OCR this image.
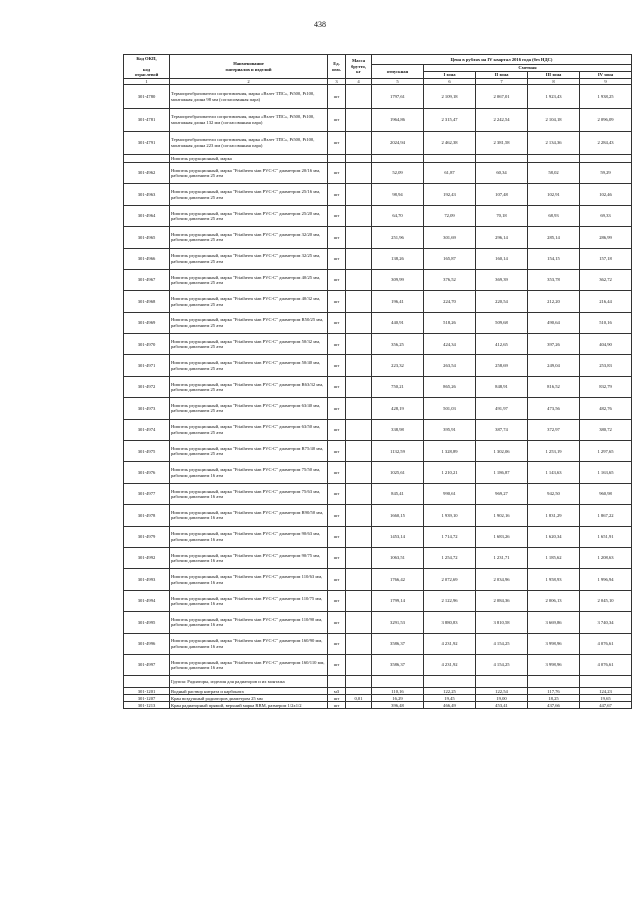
438
Код ОКП,

код
отраслевой	Наименование
материалов и изделий	Ед.
изм.	Масса
брутто,
кг	Цена в рублях на IV квартал 2016 года (без НДС)				
				отпускная	Сметная			
					I зона	II зона	III зона	IV зона
1	2	3	4	5	6	7	8	9
301-4780	Термопреобразователи сопротивления, марка «Взлет ТПС», Pt500, Pt100, монтажная длина 98 мм (согласованная пара)	шт		1797,61	2 109,18	2 067,01	1 923,43	1 938,25
301-4781	Термопреобразователи сопротивления, марка «Взлет ТПС», Pt500, Pt100, монтажная длина 132 мм (согласованная пара)	шт		1964,86	2 315,47	2 242,54	2 104,18	2 096,09
301-4791	Термопреобразователи сопротивления, марка «Взлет ТПС», Pt500, Pt100, монтажная длина 223 мм (согласованная пара)	шт		2024,94	2 462,38	2 381,58	2 134,36	2 284,43
	Ниппель редукционный, марка							
301-4962	Ниппель редукционный, марка "Friatherm stan PVC-C" диаметром 20/16 мм, рабочим давлением 25 атм	шт		52,09	61,87	60,34	58,02	59,29
301-4963	Ниппель редукционный, марка "Friatherm stan PVC-C" диаметром 25/16 мм, рабочим давлением 25 атм	шт		98,94	192,43	107,48	102,91	102,46
301-4964	Ниппель редукционный, марка "Friatherm stan PVC-C" диаметром 25/20 мм, рабочим давлением 25 атм	шт		64,70	72,09	70,18	68,93	69,33
301-4965	Ниппель редукционный, марка "Friatherm stan PVC-C" диаметром 32/20 мм, рабочим давлением 25 атм	шт		251,96	301,69	296,14	285,14	286,99
301-4966	Ниппель редукционный, марка "Friatherm stan PVC-C" диаметром 32/25 мм, рабочим давлением 25 атм	шт		138,26	165,87	160,14	154,15	157,18
301-4967	Ниппель редукционный, марка "Friatherm stan PVC-C" диаметром 40/25 мм, рабочим давлением 25 атм	шт		309,99	376,52	369,39	353,78	362,72
301-4968	Ниппель редукционный, марка "Friatherm stan PVC-C" диаметром 40/32 мм, рабочим давлением 25 атм	шт		196,41	224,70	220,54	212,20	216,44
301-4969	Ниппель редукционный, марка "Friatherm stan PVC-C" диаметром R50/25 мм, рабочим давлением 25 атм	шт		440,91	518,26	509,68	490,64	510,16
301-4970	Ниппель редукционный, марка "Friatherm stan PVC-C" диаметром 50/32 мм, рабочим давлением 25 атм	шт		356,25	424,34	412,65	397,26	404,90
301-4971	Ниппель редукционный, марка "Friatherm stan PVC-C" диаметром 50/40 мм, рабочим давлением 25 атм	шт		223,32	263,54	258,69	249,04	253,83
301-4972	Ниппель редукционный, марка "Friatherm stan PVC-C" диаметром R63/32 мм, рабочим давлением 25 атм	шт		750,21	865,26	848,91	816,52	832,79
301-4973	Ниппель редукционный, марка "Friatherm stan PVC-C" диаметром 63/40 мм, рабочим давлением 25 атм	шт		428,19	501,03	491,97	473,56	482,76
301-4974	Ниппель редукционный, марка "Friatherm stan PVC-C" диаметром 63/50 мм, рабочим давлением 25 атм	шт		338,98	395,91	387,74	372,97	380,72
301-4975	Ниппель редукционный, марка "Friatherm stan PVC-C" диаметром R75/40 мм, рабочим давлением 25 атм	шт		1132,59	1 328,89	1 302,06	1 253,19	1 297,65
301-4976	Ниппель редукционный, марка "Friatherm stan PVC-C" диаметром 75/50 мм, рабочим давлением 16 атм	шт		1025,61	1 210,21	1 186,87	1 143,63	1 163,65
301-4977	Ниппель редукционный, марка "Friatherm stan PVC-C" диаметром 75/63 мм, рабочим давлением 16 атм	шт		845,41	990,61	969,27	942,50	960,98
301-4978	Ниппель редукционный, марка "Friatherm stan PVC-C" диаметром R90/50 мм, рабочим давлением 16 атм	шт		1660,15	1 939,10	1 902,16	1 831,29	1 867,22
301-4979	Ниппель редукционный, марка "Friatherm stan PVC-C" диаметром 90/63 мм, рабочим давлением 16 атм	шт		1453,14	1 714,72	1 683,26	1 620,34	1 651,91
301-4992	Ниппель редукционный, марка "Friatherm stan PVC-C" диаметром 90/75 мм, рабочим давлением 16 атм	шт		1063,51	1 254,72	1 231,71	1 185,62	1 208,63
301-4993	Ниппель редукционный, марка "Friatherm stan PVC-C" диаметром 110/63 мм, рабочим давлением 16 атм	шт		1766,42	2 072,69	2 034,96	1 958,93	1 996,94
301-4994	Ниппель редукционный, марка "Friatherm stan PVC-C" диаметром 110/75 мм, рабочим давлением 16 атм	шт		1799,14	2 122,96	2 084,36	2 006,13	2 045,10
301-4995	Ниппель редукционный, марка "Friatherm stan PVC-C" диаметром 110/90 мм, рабочим давлением 16 атм	шт		3291,53	3 880,83	3 810,58	3 669,86	3 740,34
301-4996	Ниппель редукционный, марка "Friatherm stan PVC-C" диаметром 160/90 мм, рабочим давлением 16 атм	шт		3586,37	4 231,92	4 154,25	3 998,96	4 076,61
301-4997	Ниппель редукционный, марка "Friatherm stan PVC-C" диаметром 160/110 мм, рабочим давлением 16 атм	шт		3586,37	4 231,92	4 154,25	3 998,96	4 076,61
	Группа: Радиаторы, изделия для радиаторов и их монтажа							
301-1201	Водный раствор нитрата и карбоната	м3		110,16	122,25	122,54	117,76	124,23
301-1207	Кран воздушный радиаторов диаметром 25 мм	шт	0,01	16,29	19,45	19,00	18,25	19,65
301-1213	Кран радиаторный прямой, верхний марка RBM, размером 1/2х1/2	шт		396,48	466,49	453,41	437,66	447,67
